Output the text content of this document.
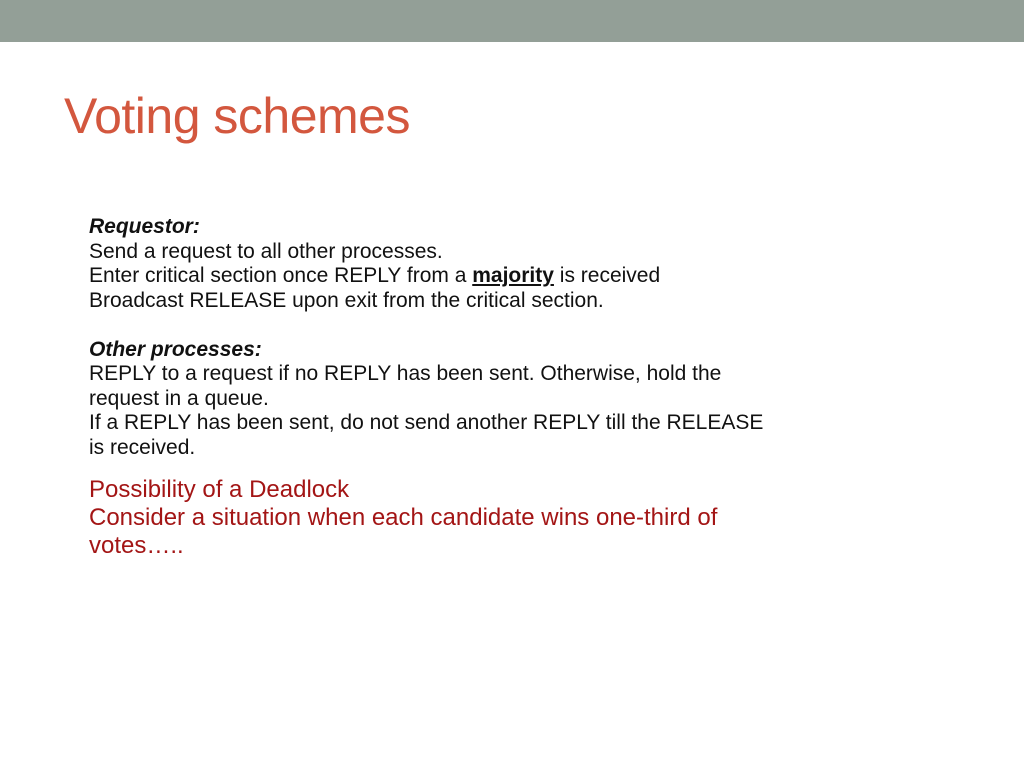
Voting schemes
Requestor:
Send a request to all other processes.
Enter critical section once REPLY from a majority is received
Broadcast RELEASE upon exit from the critical section.
Other processes:
REPLY to a request if no REPLY has been sent. Otherwise, hold the
request in a queue.
If a REPLY has been sent, do not send another REPLY till the RELEASE
is received.
Possibility of a Deadlock
Consider a situation when each candidate wins one-third of
votes…..
